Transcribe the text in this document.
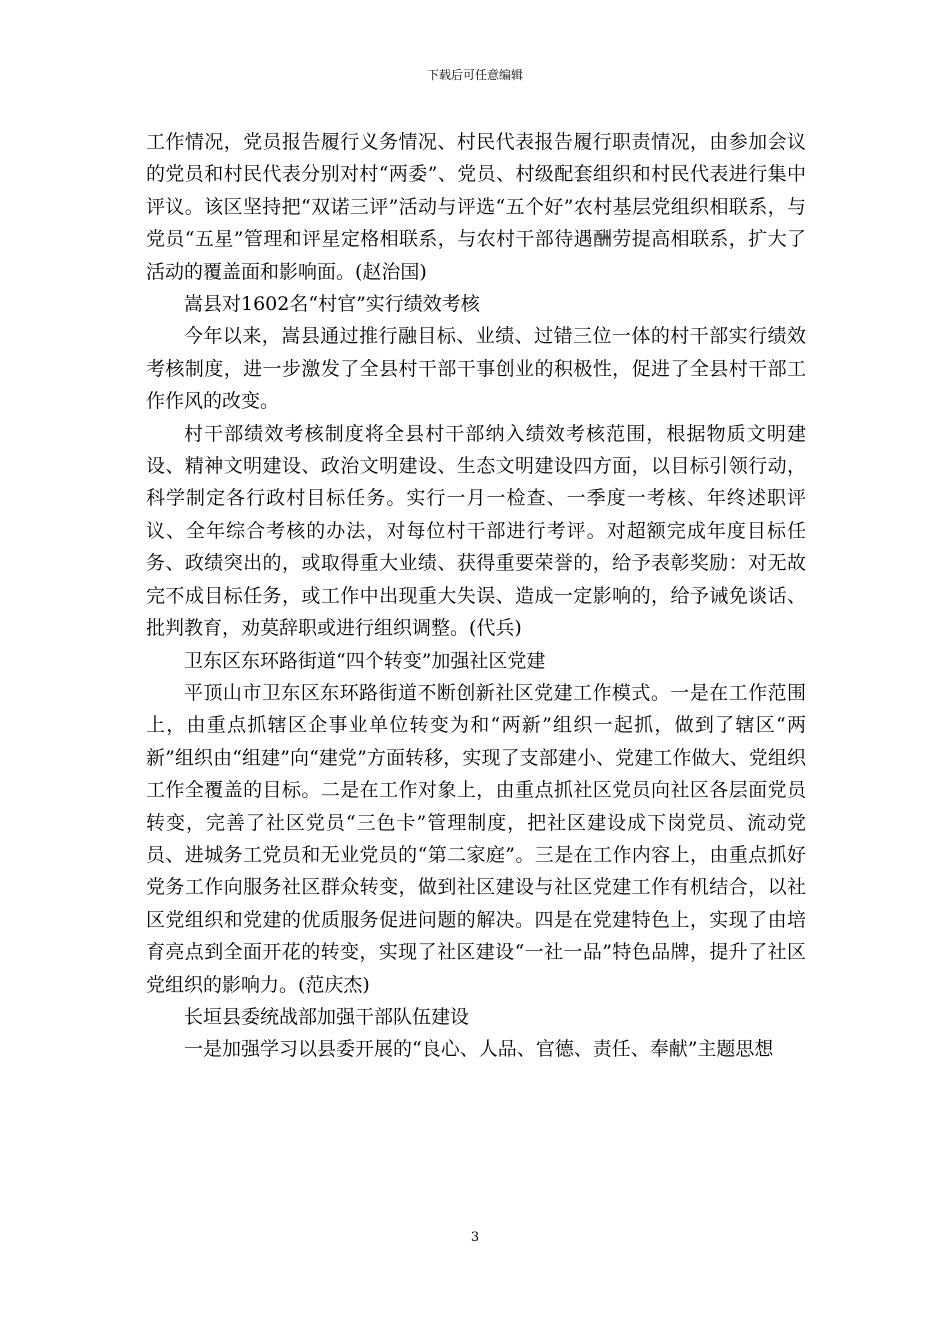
下载后可任意编辑

工作情况，党员报告履行义务情况、村民代表报告履行职责情况，由参加会议的党员和村民代表分别对村“两委”、党员、村级配套组织和村民代表进行集中评议。该区坚持把“双诺三评”活动与评选“五个好”农村基层党组织相联系，与党员“五星”管理和评星定格相联系，与农村干部待遇酬劳提高相联系，扩大了活动的覆盖面和影响面。(赵治国)

嵩县对1602名“村官”实行绩效考核

今年以来，嵩县通过推行融目标、业绩、过错三位一体的村干部实行绩效考核制度，进一步激发了全县村干部干事创业的积极性，促进了全县村干部工作作风的改变。

村干部绩效考核制度将全县村干部纳入绩效考核范围，根据物质文明建设、精神文明建设、政治文明建设、生态文明建设四方面，以目标引领行动，科学制定各行政村目标任务。实行一月一检查、一季度一考核、年终述职评议、全年综合考核的办法，对每位村干部进行考评。对超额完成年度目标任务、政绩突出的，或取得重大业绩、获得重要荣誉的，给予表彰奖励：对无故完不成目标任务，或工作中出现重大失误、造成一定影响的，给予诫免谈话、批判教育，劝莫辞职或进行组织调整。(代兵)

卫东区东环路街道“四个转变”加强社区党建

平顶山市卫东区东环路街道不断创新社区党建工作模式。一是在工作范围上，由重点抓辖区企事业单位转变为和“两新”组织一起抓，做到了辖区“两新”组织由“组建”向“建党”方面转移，实现了支部建小、党建工作做大、党组织工作全覆盖的目标。二是在工作对象上，由重点抓社区党员向社区各层面党员转变，完善了社区党员“三色卡”管理制度，把社区建设成下岗党员、流动党员、进城务工党员和无业党员的“第二家庭”。三是在工作内容上，由重点抓好党务工作向服务社区群众转变，做到社区建设与社区党建工作有机结合，以社区党组织和党建的优质服务促进问题的解决。四是在党建特色上，实现了由培育亮点到全面开花的转变，实现了社区建设“一社一品”特色品牌，提升了社区党组织的影响力。(范庆杰)

长垣县委统战部加强干部队伍建设

一是加强学习以县委开展的“良心、人品、官德、责任、奉献”主题思想

3
